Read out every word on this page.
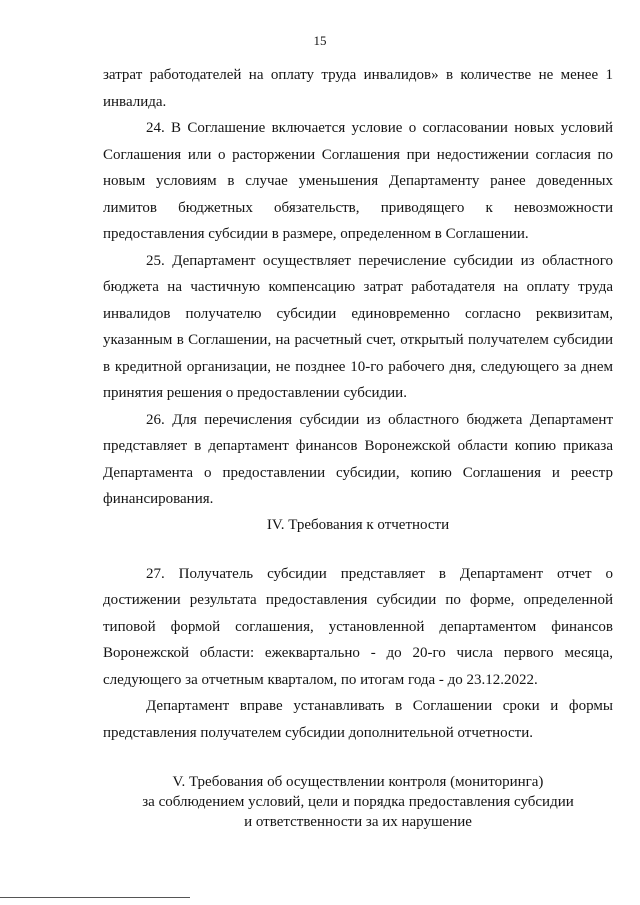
15

затрат работодателей на оплату труда инвалидов» в количестве не менее 1 инвалида.

24. В Соглашение включается условие о согласовании новых условий Соглашения или о расторжении Соглашения при недостижении согласия по новым условиям в случае уменьшения Департаменту ранее доведенных лимитов бюджетных обязательств, приводящего к невозможности предоставления субсидии в размере, определенном в Соглашении.

25. Департамент осуществляет перечисление субсидии из областного бюджета на частичную компенсацию затрат работадателя на оплату труда инвалидов получателю субсидии единовременно согласно реквизитам, указанным в Соглашении, на расчетный счет, открытый получателем субсидии в кредитной организации, не позднее 10-го рабочего дня, следующего за днем принятия решения о предоставлении субсидии.

26. Для перечисления субсидии из областного бюджета Департамент представляет в департамент финансов Воронежской области копию приказа Департамента о предоставлении субсидии, копию Соглашения и реестр финансирования.

IV. Требования к отчетности

27. Получатель субсидии представляет в Департамент отчет о достижении результата предоставления субсидии по форме, определенной типовой формой соглашения, установленной департаментом финансов Воронежской области: ежеквартально - до 20-го числа первого месяца, следующего за отчетным кварталом, по итогам года - до 23.12.2022.

Департамент вправе устанавливать в Соглашении сроки и формы представления получателем субсидии дополнительной отчетности.

V. Требования об осуществлении контроля (мониторинга)
за соблюдением условий, цели и порядка предоставления субсидии
и ответственности за их нарушение
